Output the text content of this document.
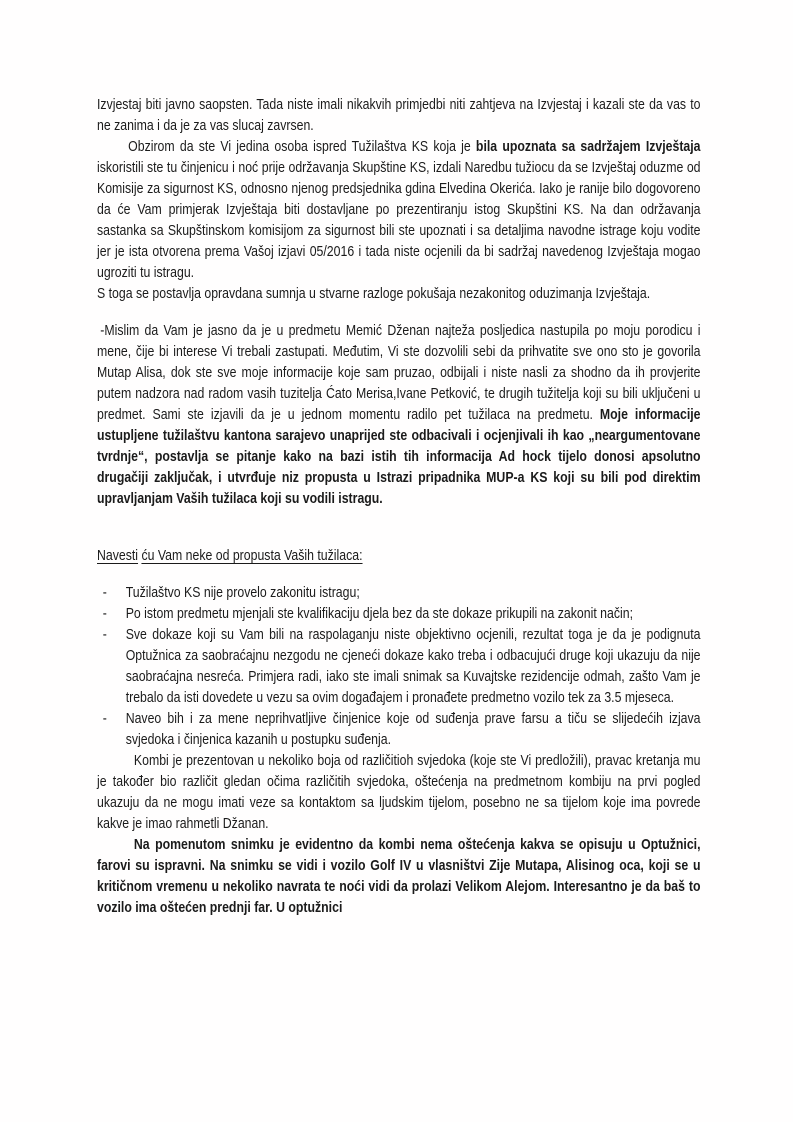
Izvjestaj biti javno saopsten. Tada niste imali nikakvih primjedbi niti zahtjeva na Izvjestaj i kazali ste da vas to ne zanima i da je za vas slucaj zavrsen.

Obzirom da ste Vi jedina osoba ispred Tužilaštva KS koja je bila upoznata sa sadržajem Izvještaja iskoristili ste tu činjenicu i noć prije održavanja Skupštine KS, izdali Naredbu tužiocu da se Izvještaj oduzme od Komisije za sigurnost KS, odnosno njenog predsjednika gdina Elvedina Okerića. Iako je ranije bilo dogovoreno da će Vam primjerak Izvještaja biti dostavljane po prezentiranju istog Skupštini KS. Na dan održavanja sastanka sa Skupštinskom komisijom za sigurnost bili ste upoznati i sa detaljima navodne istrage koju vodite jer je ista otvorena prema Vašoj izjavi 05/2016 i tada niste ocjenili da bi sadržaj navedenog Izvještaja mogao ugroziti tu istragu.

S toga se postavlja opravdana sumnja u stvarne razloge pokušaja nezakonitog oduzimanja Izvještaja.

-Mislim da Vam je jasno da je u predmetu Memić Dženan najteža posljedica nastupila po moju porodicu i mene, čije bi interese Vi trebali zastupati. Međutim, Vi ste dozvolili sebi da prihvatite sve ono sto je govorila Mutap Alisa, dok ste sve moje informacije koje sam pruzao, odbijali i niste nasli za shodno da ih provjerite putem nadzora nad radom vasih tuzitelja Ćato Merisa,Ivane Petković, te drugih tužitelja koji su bili uključeni u predmet. Sami ste izjavili da je u jednom momentu radilo pet tužilaca na predmetu. Moje informacije ustupljene tužilaštvu kantona sarajevo unaprijed ste odbacivali i ocjenjivali ih kao „neargumentovane tvrdnje“, postavlja se pitanje kako na bazi istih tih informacija Ad hock tijelo donosi apsolutno drugačiji zaključak, i utvrđuje niz propusta u Istrazi pripadnika MUP-a KS koji su bili pod direktim upravljanjam Vaših tužilaca koji su vodili istragu.

Navesti ću Vam neke od propusta Vaših tužilaca:

-	Tužilaštvo KS nije provelo zakonitu istragu;
-	Po istom predmetu mjenjali ste kvalifikaciju djela bez da ste dokaze prikupili na zakonit način;
-	Sve dokaze koji su Vam bili na raspolaganju niste objektivno ocjenili, rezultat toga je da je podignuta Optužnica za saobraćajnu nezgodu ne cjeneći dokaze kako treba i odbacujući druge koji ukazuju da nije saobraćajna nesreća. Primjera radi, iako ste imali snimak sa Kuvajtske rezidencije odmah, zašto Vam je trebalo da isti dovedete u vezu sa ovim događajem i pronađete predmetno vozilo tek za 3.5 mjeseca.
-	Naveo bih i za mene neprihvatljive činjenice koje od suđenja prave farsu a tiču se slijedećih izjava svjedoka i činjenica kazanih u postupku suđenja.

Kombi je prezentovan u nekoliko boja od različitioh svjedoka (koje ste Vi predložili), pravac kretanja mu je također bio različit gledan očima različitih svjedoka, oštećenja na predmetnom kombiju na prvi pogled ukazuju da ne mogu imati veze sa kontaktom sa ljudskim tijelom, posebno ne sa tijelom koje ima povrede kakve je imao rahmetli Džanan.

Na pomenutom snimku je evidentno da kombi nema oštećenja kakva se opisuju u Optužnici, farovi su ispravni. Na snimku se vidi i vozilo Golf IV u vlasništvi Zije Mutapa, Alisinog oca, koji se u kritičnom vremenu u nekoliko navrata te noći vidi da prolazi Velikom Alejom. Interesantno je da baš to vozilo ima oštećen prednji far. U optužnici
